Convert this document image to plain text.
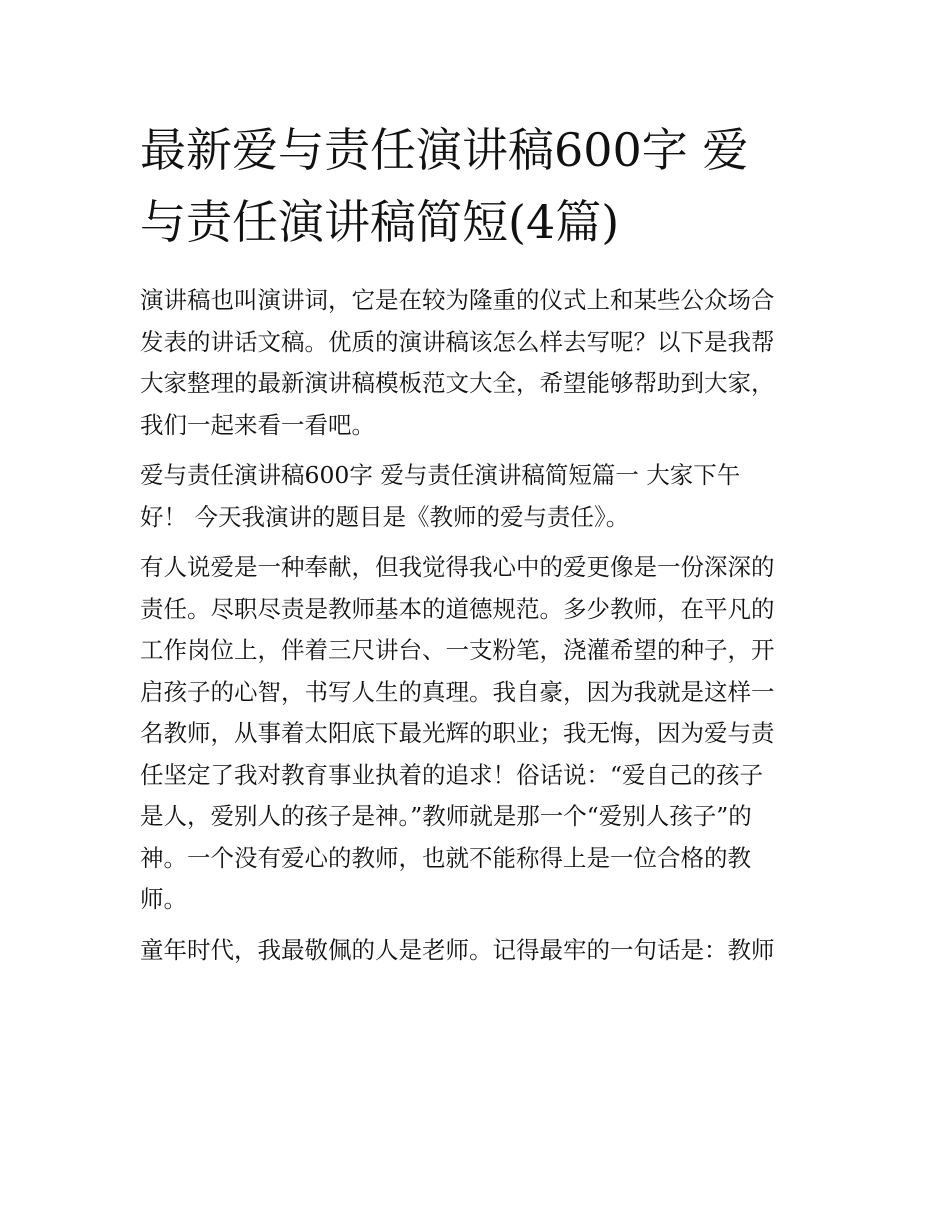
最新爱与责任演讲稿600字 爱
与责任演讲稿简短(4篇)

演讲稿也叫演讲词，它是在较为隆重的仪式上和某些公众场合
发表的讲话文稿。优质的演讲稿该怎么样去写呢？以下是我帮
大家整理的最新演讲稿模板范文大全，希望能够帮助到大家，
我们一起来看一看吧。

爱与责任演讲稿600字 爱与责任演讲稿简短篇一 大家下午
好！ 今天我演讲的题目是《教师的爱与责任》。

有人说爱是一种奉献，但我觉得我心中的爱更像是一份深深的
责任。尽职尽责是教师基本的道德规范。多少教师，在平凡的
工作岗位上，伴着三尺讲台、一支粉笔，浇灌希望的种子，开
启孩子的心智，书写人生的真理。我自豪，因为我就是这样一
名教师，从事着太阳底下最光辉的职业；我无悔，因为爱与责
任坚定了我对教育事业执着的追求！俗话说：“爱自己的孩子
是人，爱别人的孩子是神。”教师就是那一个“爱别人孩子”的
神。一个没有爱心的教师，也就不能称得上是一位合格的教
师。

童年时代，我最敬佩的人是老师。记得最牢的一句话是：教师
